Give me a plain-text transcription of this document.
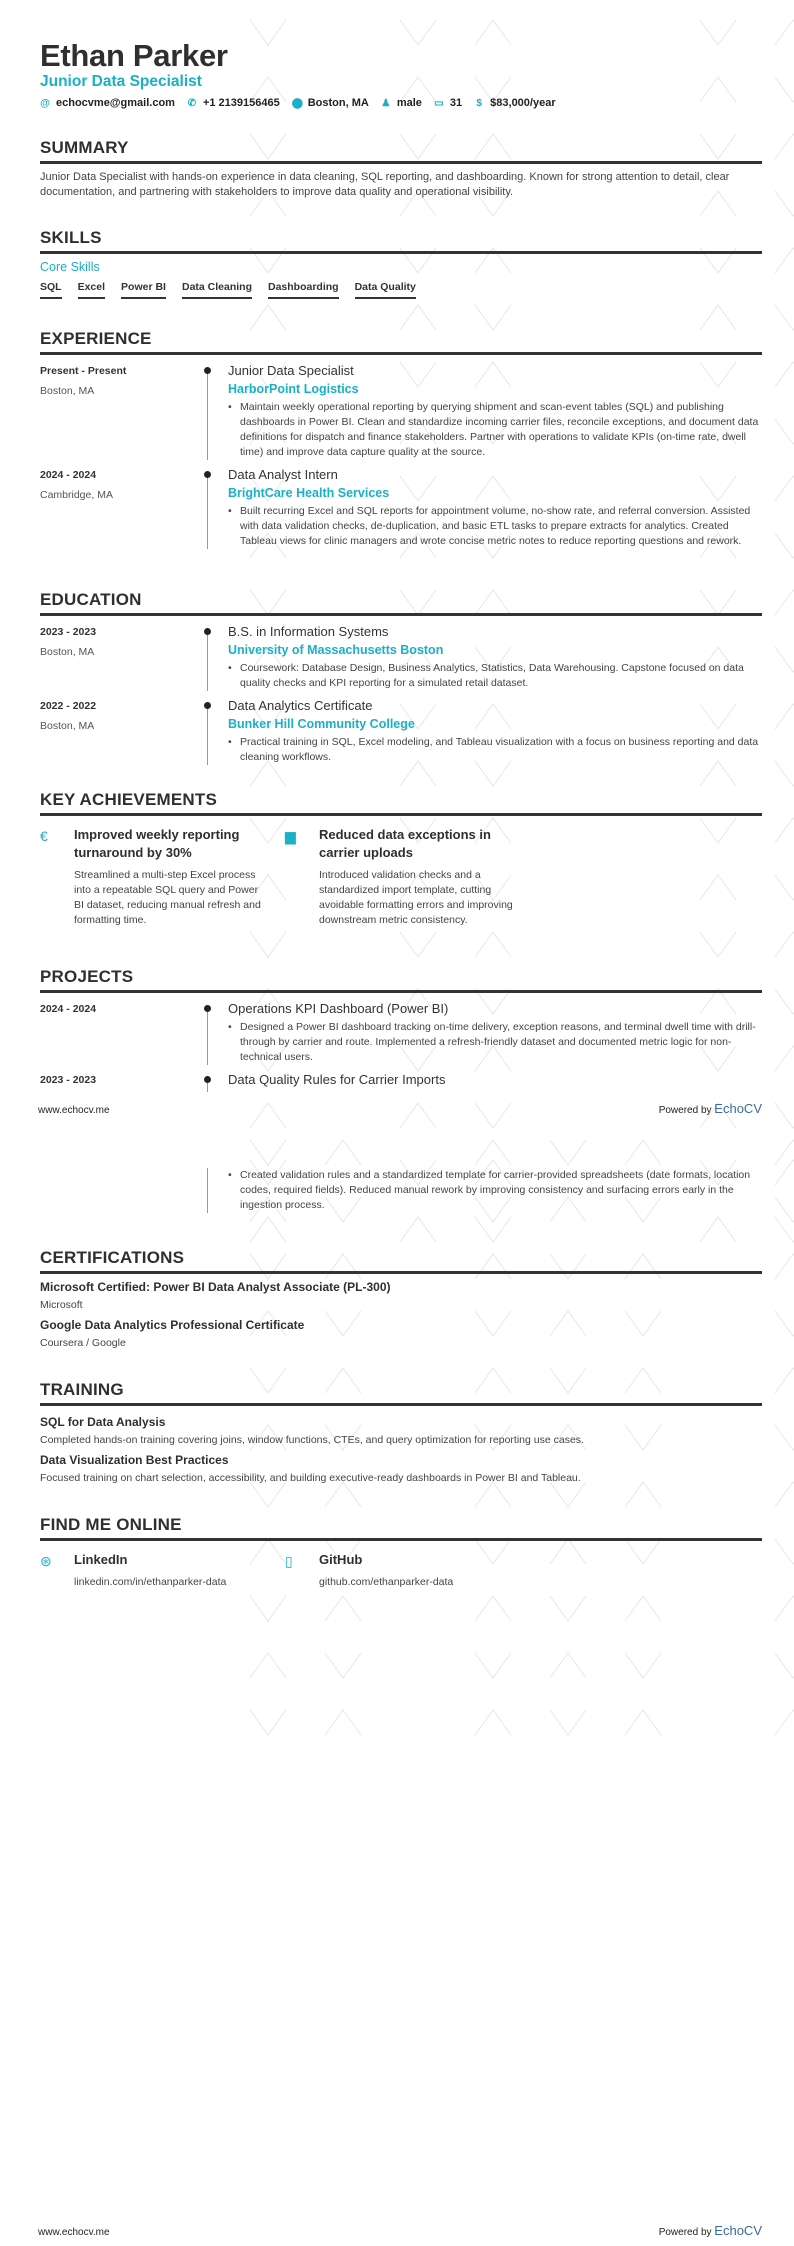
Ethan Parker
Junior Data Specialist
@ echocvme@gmail.com ✆ +1 2139156465 ⬤ Boston, MA ♟ male ▭ 31 $ $83,000/year
SUMMARY

Junior Data Specialist with hands-on experience in data cleaning, SQL reporting, and dashboarding. Known for strong attention to detail, clear documentation, and partnering with stakeholders to improve data quality and operational visibility.

SKILLS
Core Skills
SQL Excel Power BI Data Cleaning Dashboarding Data Quality
EXPERIENCE
Present - Present
Boston, MA
Junior Data Specialist
HarborPoint Logistics
• Maintain weekly operational reporting by querying shipment and scan-event tables (SQL) and publishing dashboards in Power BI. Clean and standardize incoming carrier files, reconcile exceptions, and document data definitions for dispatch and finance stakeholders. Partner with operations to validate KPIs (on-time rate, dwell time) and improve data capture quality at the source.
2024 - 2024
Cambridge, MA
Data Analyst Intern
BrightCare Health Services
• Built recurring Excel and SQL reports for appointment volume, no-show rate, and referral conversion. Assisted with data validation checks, de-duplication, and basic ETL tasks to prepare extracts for analytics. Created Tableau views for clinic managers and wrote concise metric notes to reduce reporting questions and rework.
EDUCATION
2023 - 2023
Boston, MA
B.S. in Information Systems
University of Massachusetts Boston
• Coursework: Database Design, Business Analytics, Statistics, Data Warehousing. Capstone focused on data quality checks and KPI reporting for a simulated retail dataset.
2022 - 2022
Boston, MA
Data Analytics Certificate
Bunker Hill Community College
• Practical training in SQL, Excel modeling, and Tableau visualization with a focus on business reporting and data cleaning workflows.
KEY ACHIEVEMENTS
€	Improved weekly reporting turnaround by 30%

Streamlined a multi-step Excel process into a repeatable SQL query and Power BI dataset, reducing manual refresh and formatting time.

▆	Reduced data exceptions in carrier uploads

Introduced validation checks and a standardized import template, cutting avoidable formatting errors and improving downstream metric consistency.

PROJECTS
2024 - 2024	Operations KPI Dashboard (Power BI)
• Designed a Power BI dashboard tracking on-time delivery, exception reasons, and terminal dwell time with drill-through by carrier and route. Implemented a refresh-friendly dataset and documented metric logic for non-technical users.
2023 - 2023	Data Quality Rules for Carrier Imports
www.echocv.me	Powered by EchoCV
• Created validation rules and a standardized template for carrier-provided spreadsheets (date formats, location codes, required fields). Reduced manual rework by improving consistency and surfacing errors early in the ingestion process.
CERTIFICATIONS
Microsoft Certified: Power BI Data Analyst Associate (PL-300)
Microsoft
Google Data Analytics Professional Certificate
Coursera / Google
TRAINING
SQL for Data Analysis
Completed hands-on training covering joins, window functions, CTEs, and query optimization for reporting use cases.
Data Visualization Best Practices
Focused training on chart selection, accessibility, and building executive-ready dashboards in Power BI and Tableau.
FIND ME ONLINE
⊛	LinkedIn

linkedin.com/in/ethanparker-data

▯	GitHub

github.com/ethanparker-data

www.echocv.me	Powered by EchoCV
